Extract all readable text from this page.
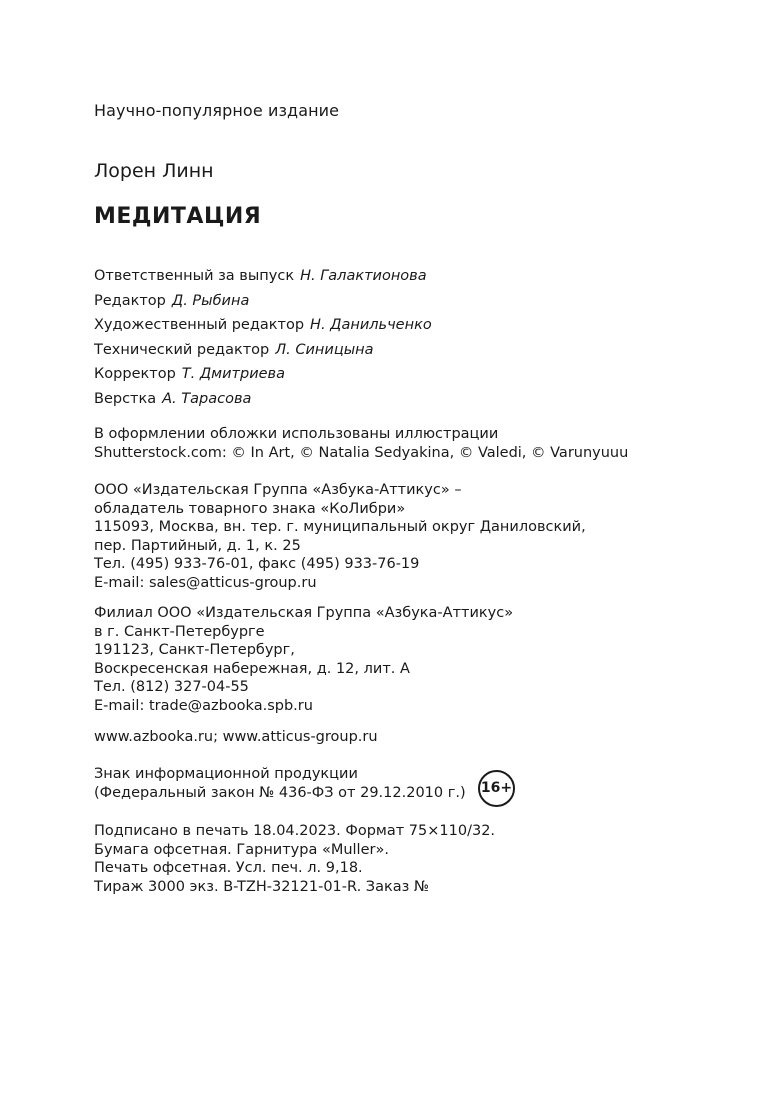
Научно-популярное издание
Лорен Линн
МЕДИТАЦИЯ
Ответственный за выпуск Н. Галактионова
Редактор Д. Рыбина
Художественный редактор Н. Данильченко
Технический редактор Л. Синицына
Корректор Т. Дмитриева
Верстка А. Тарасова
В оформлении обложки использованы иллюстрации
Shutterstock.com: © In Art, © Natalia Sedyakina, © Valedi, © Varunyuuu
ООО «Издательская Группа «Азбука-Аттикус» –
обладатель товарного знака «КоЛибри»
115093, Москва, вн. тер. г. муниципальный округ Даниловский,
пер. Партийный, д. 1, к. 25
Тел. (495) 933-76-01, факс (495) 933-76-19
E-mail: sales@atticus-group.ru
Филиал ООО «Издательская Группа «Азбука-Аттикус»
в г. Санкт-Петербурге
191123, Санкт-Петербург,
Воскресенская набережная, д. 12, лит. А
Тел. (812) 327-04-55
E-mail: trade@azbooka.spb.ru
www.azbooka.ru; www.atticus-group.ru
Знак информационной продукции
(Федеральный закон № 436-ФЗ от 29.12.2010 г.) 16+
Подписано в печать 18.04.2023. Формат 75×110/32.
Бумага офсетная. Гарнитура «Muller».
Печать офсетная. Усл. печ. л. 9,18.
Тираж 3000 экз. B-TZH-32121-01-R. Заказ №
